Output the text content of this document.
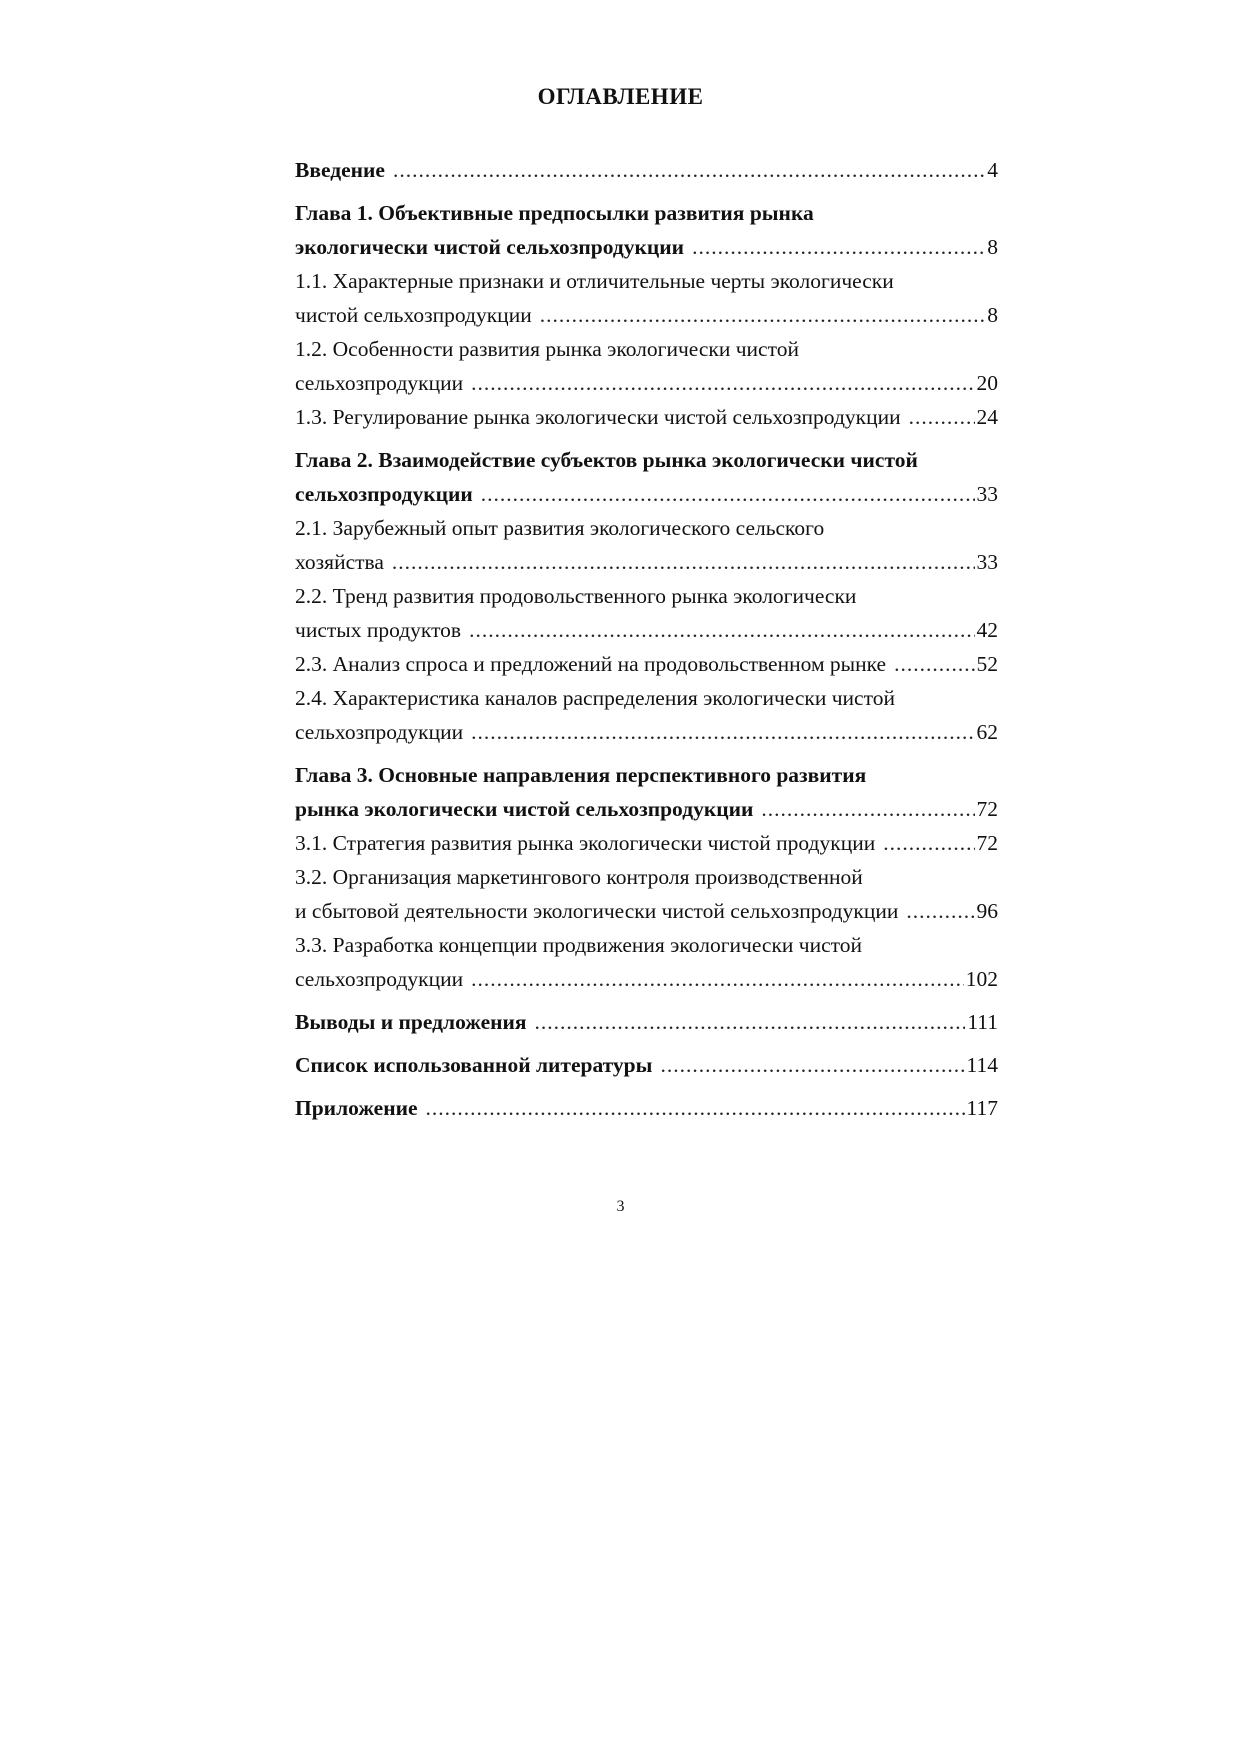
ОГЛАВЛЕНИЕ
Введение .....	4
Глава 1. Объективные предпосылки развития рынка
экологически чистой сельхозпродукции .....	8
1.1. Характерные признаки и отличительные черты экологически
чистой сельхозпродукции .....	8
1.2. Особенности развития рынка экологически чистой
сельхозпродукции .....	20
1.3. Регулирование рынка экологически чистой сельхозпродукции .....	24
Глава 2. Взаимодействие субъектов рынка экологически чистой
сельхозпродукции .....	33
2.1. Зарубежный опыт развития экологического сельского
хозяйства .....	33
2.2. Тренд развития продовольственного рынка экологически
чистых продуктов .....	42
2.3. Анализ спроса и предложений на продовольственном рынке .....	52
2.4. Характеристика каналов распределения экологически чистой
сельхозпродукции .....	62
Глава 3. Основные направления перспективного развития
рынка экологически чистой сельхозпродукции .....	72
3.1. Стратегия развития рынка экологически чистой продукции .....	72
3.2. Организация маркетингового контроля производственной
и сбытовой деятельности экологически чистой сельхозпродукции .....	96
3.3. Разработка концепции продвижения экологически чистой
сельхозпродукции .....	102
Выводы и предложения .....	111
Список использованной литературы .....	114
Приложение .....	117
3
